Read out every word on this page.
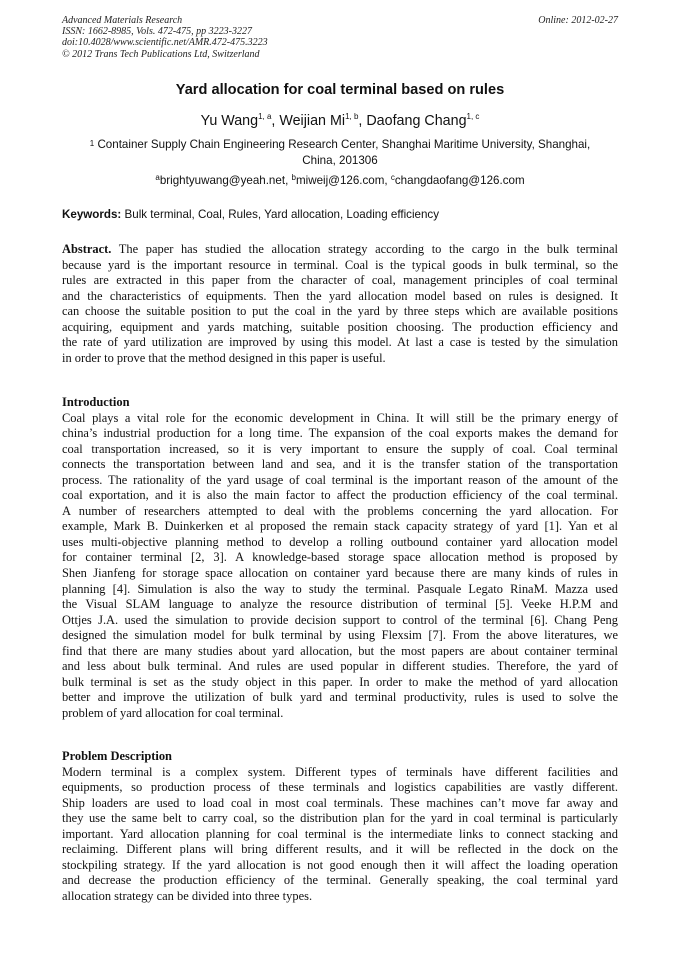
Advanced Materials Research
ISSN: 1662-8985, Vols. 472-475, pp 3223-3227
doi:10.4028/www.scientific.net/AMR.472-475.3223
© 2012 Trans Tech Publications Ltd, Switzerland
Online: 2012-02-27
Yard allocation for coal terminal based on rules
Yu Wang$^{1, a}$, Weijian Mi$^{1, b}$, Daofang Chang$^{1, c}$
$^1$ Container Supply Chain Engineering Research Center, Shanghai Maritime University, Shanghai,
China, 201306
$^a$brightyuwang@yeah.net, $^b$miweij@126.com, $^c$changdaofang@126.com
Keywords: Bulk terminal, Coal, Rules, Yard allocation, Loading efficiency
Abstract. The paper has studied the allocation strategy according to the cargo in the bulk terminal
because yard is the important resource in terminal. Coal is the typical goods in bulk terminal, so the
rules are extracted in this paper from the character of coal, management principles of coal terminal
and the characteristics of equipments. Then the yard allocation model based on rules is designed. It
can choose the suitable position to put the coal in the yard by three steps which are available positions
acquiring, equipment and yards matching, suitable position choosing. The production efficiency and
the rate of yard utilization are improved by using this model. At last a case is tested by the simulation
in order to prove that the method designed in this paper is useful.
Introduction
Coal plays a vital role for the economic development in China. It will still be the primary energy of
china’s industrial production for a long time. The expansion of the coal exports makes the demand for
coal transportation increased, so it is very important to ensure the supply of coal. Coal terminal
connects the transportation between land and sea, and it is the transfer station of the transportation
process. The rationality of the yard usage of coal terminal is the important reason of the amount of the
coal exportation, and it is also the main factor to affect the production efficiency of the coal terminal.
A number of researchers attempted to deal with the problems concerning the yard allocation. For
example, Mark B. Duinkerken et al proposed the remain stack capacity strategy of yard [1]. Yan et al
uses multi-objective planning method to develop a rolling outbound container yard allocation model
for container terminal [2, 3]. A knowledge-based storage space allocation method is proposed by
Shen Jianfeng for storage space allocation on container yard because there are many kinds of rules in
planning [4]. Simulation is also the way to study the terminal. Pasquale Legato RinaM. Mazza used
the Visual SLAM language to analyze the resource distribution of terminal [5]. Veeke H.P.M and
Ottjes J.A. used the simulation to provide decision support to control of the terminal [6]. Chang Peng
designed the simulation model for bulk terminal by using Flexsim [7]. From the above literatures, we
find that there are many studies about yard allocation, but the most papers are about container terminal
and less about bulk terminal. And rules are used popular in different studies. Therefore, the yard of
bulk terminal is set as the study object in this paper. In order to make the method of yard allocation
better and improve the utilization of bulk yard and terminal productivity, rules is used to solve the
problem of yard allocation for coal terminal.
Problem Description
Modern terminal is a complex system. Different types of terminals have different facilities and
equipments, so production process of these terminals and logistics capabilities are vastly different.
Ship loaders are used to load coal in most coal terminals. These machines can’t move far away and
they use the same belt to carry coal, so the distribution plan for the yard in coal terminal is particularly
important. Yard allocation planning for coal terminal is the intermediate links to connect stacking and
reclaiming. Different plans will bring different results, and it will be reflected in the dock on the
stockpiling strategy. If the yard allocation is not good enough then it will affect the loading operation
and decrease the production efficiency of the terminal. Generally speaking, the coal terminal yard
allocation strategy can be divided into three types.
